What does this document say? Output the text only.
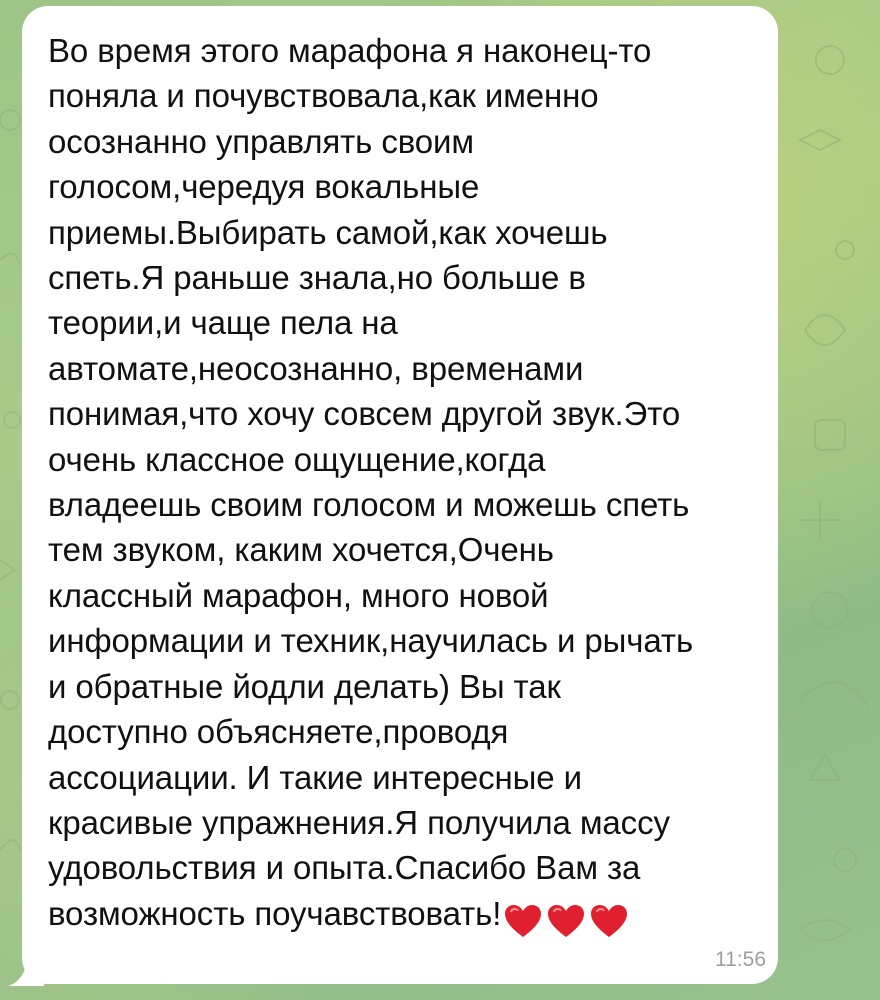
Во время этого марафона я наконец-то
поняла и почувствовала,как именно
осознанно управлять своим
голосом,чередуя вокальные
приемы.Выбирать самой,как хочешь
спеть.Я раньше знала,но больше в
теории,и чаще пела на
автомате,неосознанно, временами
понимая,что хочу совсем другой звук.Это
очень классное ощущение,когда
владеешь своим голосом и можешь спеть
тем звуком, каким хочется,Очень
классный марафон, много новой
информации и техник,научилась и рычать
и обратные йодли делать) Вы так
доступно объясняете,проводя
ассоциации. И такие интересные и
красивые упражнения.Я получила массу
удовольствия и опыта.Спасибо Вам за
возможность поучавствовать!
11:56
